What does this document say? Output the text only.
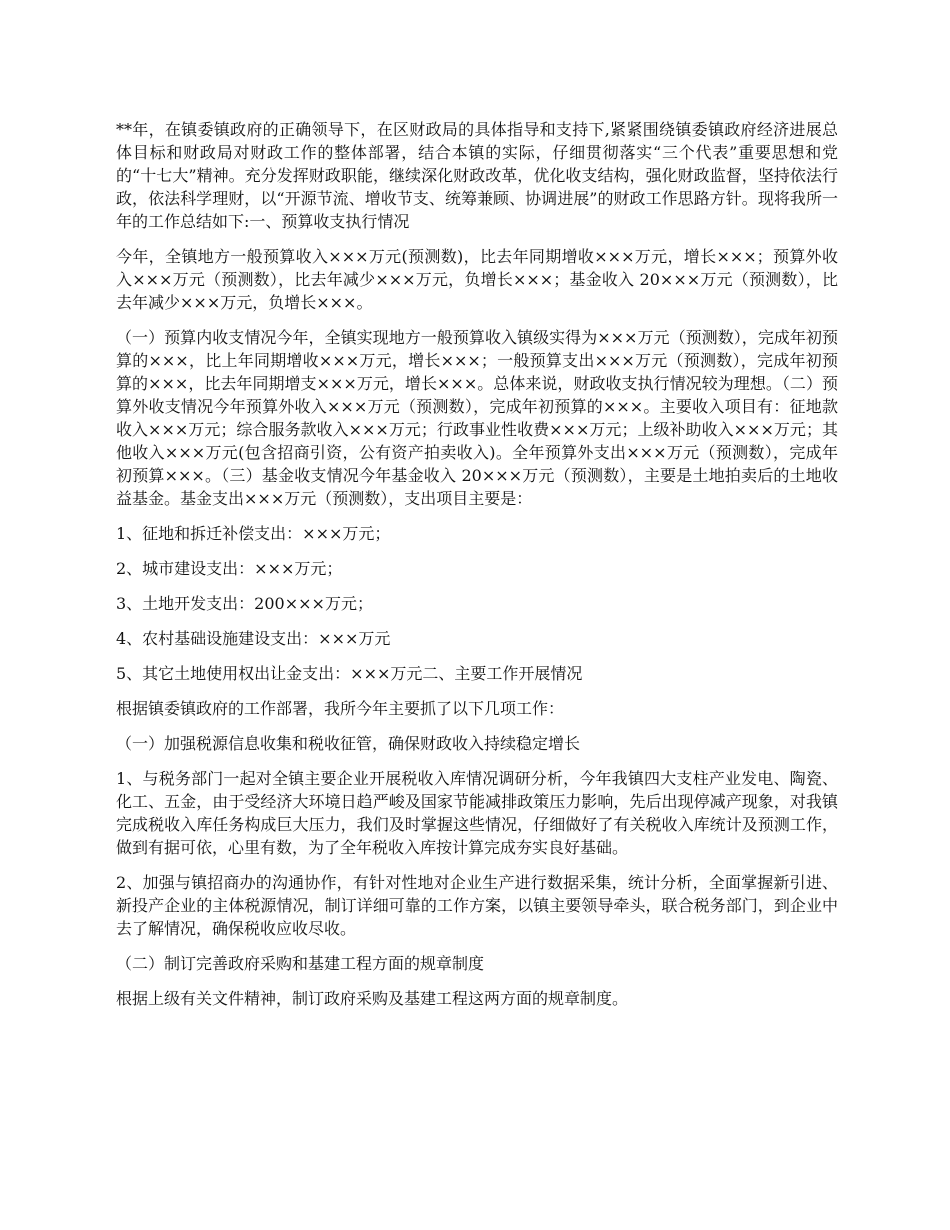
**年，在镇委镇政府的正确领导下，在区财政局的具体指导和支持下,紧紧围绕镇委镇政府经济进展总体目标和财政局对财政工作的整体部署，结合本镇的实际，仔细贯彻落实“三个代表”重要思想和党的“十七大”精神。充分发挥财政职能，继续深化财政改革，优化收支结构，强化财政监督，坚持依法行政，依法科学理财，以“开源节流、增收节支、统筹兼顾、协调进展”的财政工作思路方针。现将我所一年的工作总结如下:一、预算收支执行情况

今年，全镇地方一般预算收入×××万元(预测数)，比去年同期增收×××万元，增长×××；预算外收入×××万元（预测数），比去年减少×××万元，负增长×××；基金收入 20×××万元（预测数），比去年减少×××万元，负增长×××。

（一）预算内收支情况今年，全镇实现地方一般预算收入镇级实得为×××万元（预测数），完成年初预算的×××，比上年同期增收×××万元，增长×××；一般预算支出×××万元（预测数），完成年初预算的×××，比去年同期增支×××万元，增长×××。总体来说，财政收支执行情况较为理想。（二）预算外收支情况今年预算外收入×××万元（预测数），完成年初预算的×××。主要收入项目有：征地款收入×××万元；综合服务款收入×××万元；行政事业性收费×××万元；上级补助收入×××万元；其他收入×××万元(包含招商引资，公有资产拍卖收入)。全年预算外支出×××万元（预测数），完成年初预算×××。（三）基金收支情况今年基金收入 20×××万元（预测数），主要是土地拍卖后的土地收益基金。基金支出×××万元（预测数），支出项目主要是：

1、征地和拆迁补偿支出：×××万元；

2、城市建设支出：×××万元；

3、土地开发支出：200×××万元；

4、农村基础设施建设支出：×××万元

5、其它土地使用权出让金支出：×××万元二、主要工作开展情况

根据镇委镇政府的工作部署，我所今年主要抓了以下几项工作：

（一）加强税源信息收集和税收征管，确保财政收入持续稳定增长

1、与税务部门一起对全镇主要企业开展税收入库情况调研分析，今年我镇四大支柱产业发电、陶瓷、化工、五金，由于受经济大环境日趋严峻及国家节能减排政策压力影响，先后出现停减产现象，对我镇完成税收入库任务构成巨大压力，我们及时掌握这些情况，仔细做好了有关税收入库统计及预测工作，做到有据可依，心里有数，为了全年税收入库按计算完成夯实良好基础。

2、加强与镇招商办的沟通协作，有针对性地对企业生产进行数据采集，统计分析，全面掌握新引进、新投产企业的主体税源情况，制订详细可靠的工作方案，以镇主要领导牵头，联合税务部门，到企业中去了解情况，确保税收应收尽收。

（二）制订完善政府采购和基建工程方面的规章制度

根据上级有关文件精神，制订政府采购及基建工程这两方面的规章制度。
